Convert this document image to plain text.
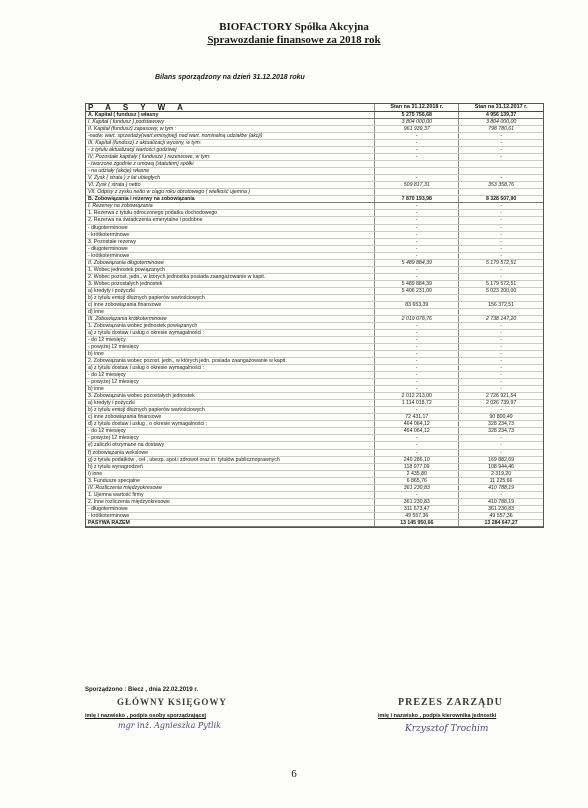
BIOFACTORY Spółka Akcyjna
Sprawozdanie finansowe za 2018 rok
Bilans sporządzony na dzień 31.12.2018 roku
P A S Y W A	Stan na 31.12.2018 r.	Stan na 31.12.2017 r.
A. Kapitał ( fundusz ) własny	5 275 756,68	4 956 139,37
I. Kapitał ( fundusz ) podstawowy	3 804 000,00	3 804 000,00
II. Kapitał (fundusz) zapasowy, w tym :	961 939,37	798 780,61
-nadw. wart. sprzedaży(wart.emisyjnej) nad wart. nominalną udziałów (akcji)	-	-
III. Kapitał (fundusz) z aktualizacji wyceny, w tym:	-	-
- z tytułu aktualizacji wartości godziwej	-	-
IV. Pozostałe kapitały ( fundusze ) rezerwowe, w tym:	-	-
- tworzone zgodnie z umową (statutem) spółki
- na udziały (akcje) własne
V. Zysk ( strata ) z lat ubiegłych	-	-
VI. Zysk ( strata ) netto	509 817,31	353 358,76
VII. Odpisy z zysku netto w ciągu roku obrotowego ( wielkość ujemna )
B. Zobowiązania i rezerwy na zobowiązania	7 870 193,98	8 328 507,90
I. Rezerwy na zobowiązania	-	-
1. Rezerwa z tytułu odroczonego podatku dochodowego	-	-
2. Rezerwa na świadczenia emerytalne i podobne	-	-
- długoterminowe	-	-
- krótkoterminowe	-	-
3. Pozostałe rezerwy	-	-
- długoterminowe	-	-
- krótkoterminowe	-	-
II. Zobowiązania długoterminowe	5 489 884,39	5 179 572,51
1. Wobec jednostek powiązanych	-	-
2. Wobec pozost. jedn., w których jednostka posiada zaangażowanie w kapit.	-	-
3. Wobec pozostałych jednostek	5 489 884,39	5 179 572,51
a) kredyty i pożyczki	5 406 231,00	5 023 200,00
b) z tytułu emisji dłużnych papierów wartościowych
c) inne zobowiązania finansowe	83 653,39	156 372,51
d) inne
III. Zobowiązania krótkoterminowe	2 019 078,76	2 738 147,20
1. Zobowiązania wobec jednostek powiązanych	-	-
a) z tytułu dostaw i usług o okresie wymagalności :	-	-
- do 12 miesięcy	-	-
- powyżej 12 miesięcy	-	-
b) inne	-	-
2. Zobowiązania wobec pozost. jedn., w których jedn. posiada zaangażowanie w kapit.	-	-
a) z tytułu dostaw i usług o okresie wymagalności :	-	-
- do 12 miesięcy	-	-
- powyżej 12 miesięcy	-	-
b) inne	-	-
3. Zobowiązania wobec pozostałych jednostek	2 012 213,00	2 726 921,54
a) kredyty i pożyczki	1 114 018,72	2 026 739,97
b) z tytułu emisji dłużnych papierów wartościowych	-	-
c) inne zobowiązania finansowe	72 431,17	90 800,49
d) z tytułu dostaw i usług , o okresie wymagalności :	464 064,12	328 234,73
- do 12 miesięcy	464 064,12	328 234,73
- powyżej 12 miesięcy	-	-
e) zaliczki otrzymane na dostawy	-	-
f) zobowiązania wekslowe	-	-
g) z tytułu podatków , ceł , ubezp. społ.i zdrowot oraz in. tytułów publicznoprawnych	240 286,10	169 882,69
h) z tytułu wynagrodzeń	118 977,09	108 944,46
i) inne	2 435,80	2 319,20
3. Fundusze specjalne	6 865,76	11 225,66
IV. Rozliczenia międzyokresowe	361 230,83	410 788,19
1. Ujemna wartość firmy	-	-
2. Inne rozliczenia międzyokresowe	361 230,83	410 788,19
- długoterminowe	311 673,47	361 230,83
- krótkoterminowe	49 557,36	49 557,36
PASYWA RAZEM	13 145 950,66	13 284 647,27
Sporządzono : Biecz , dnia 22.02.2019 r.
GŁÓWNY KSIĘGOWY
imię i nazwisko , podpis osoby sporządzającej
mgr inż. Agnieszka Pytlik
PREZES ZARZĄDU
imię i nazwisko , podpis kierownika jednostki
Krzysztof Trochim
6
